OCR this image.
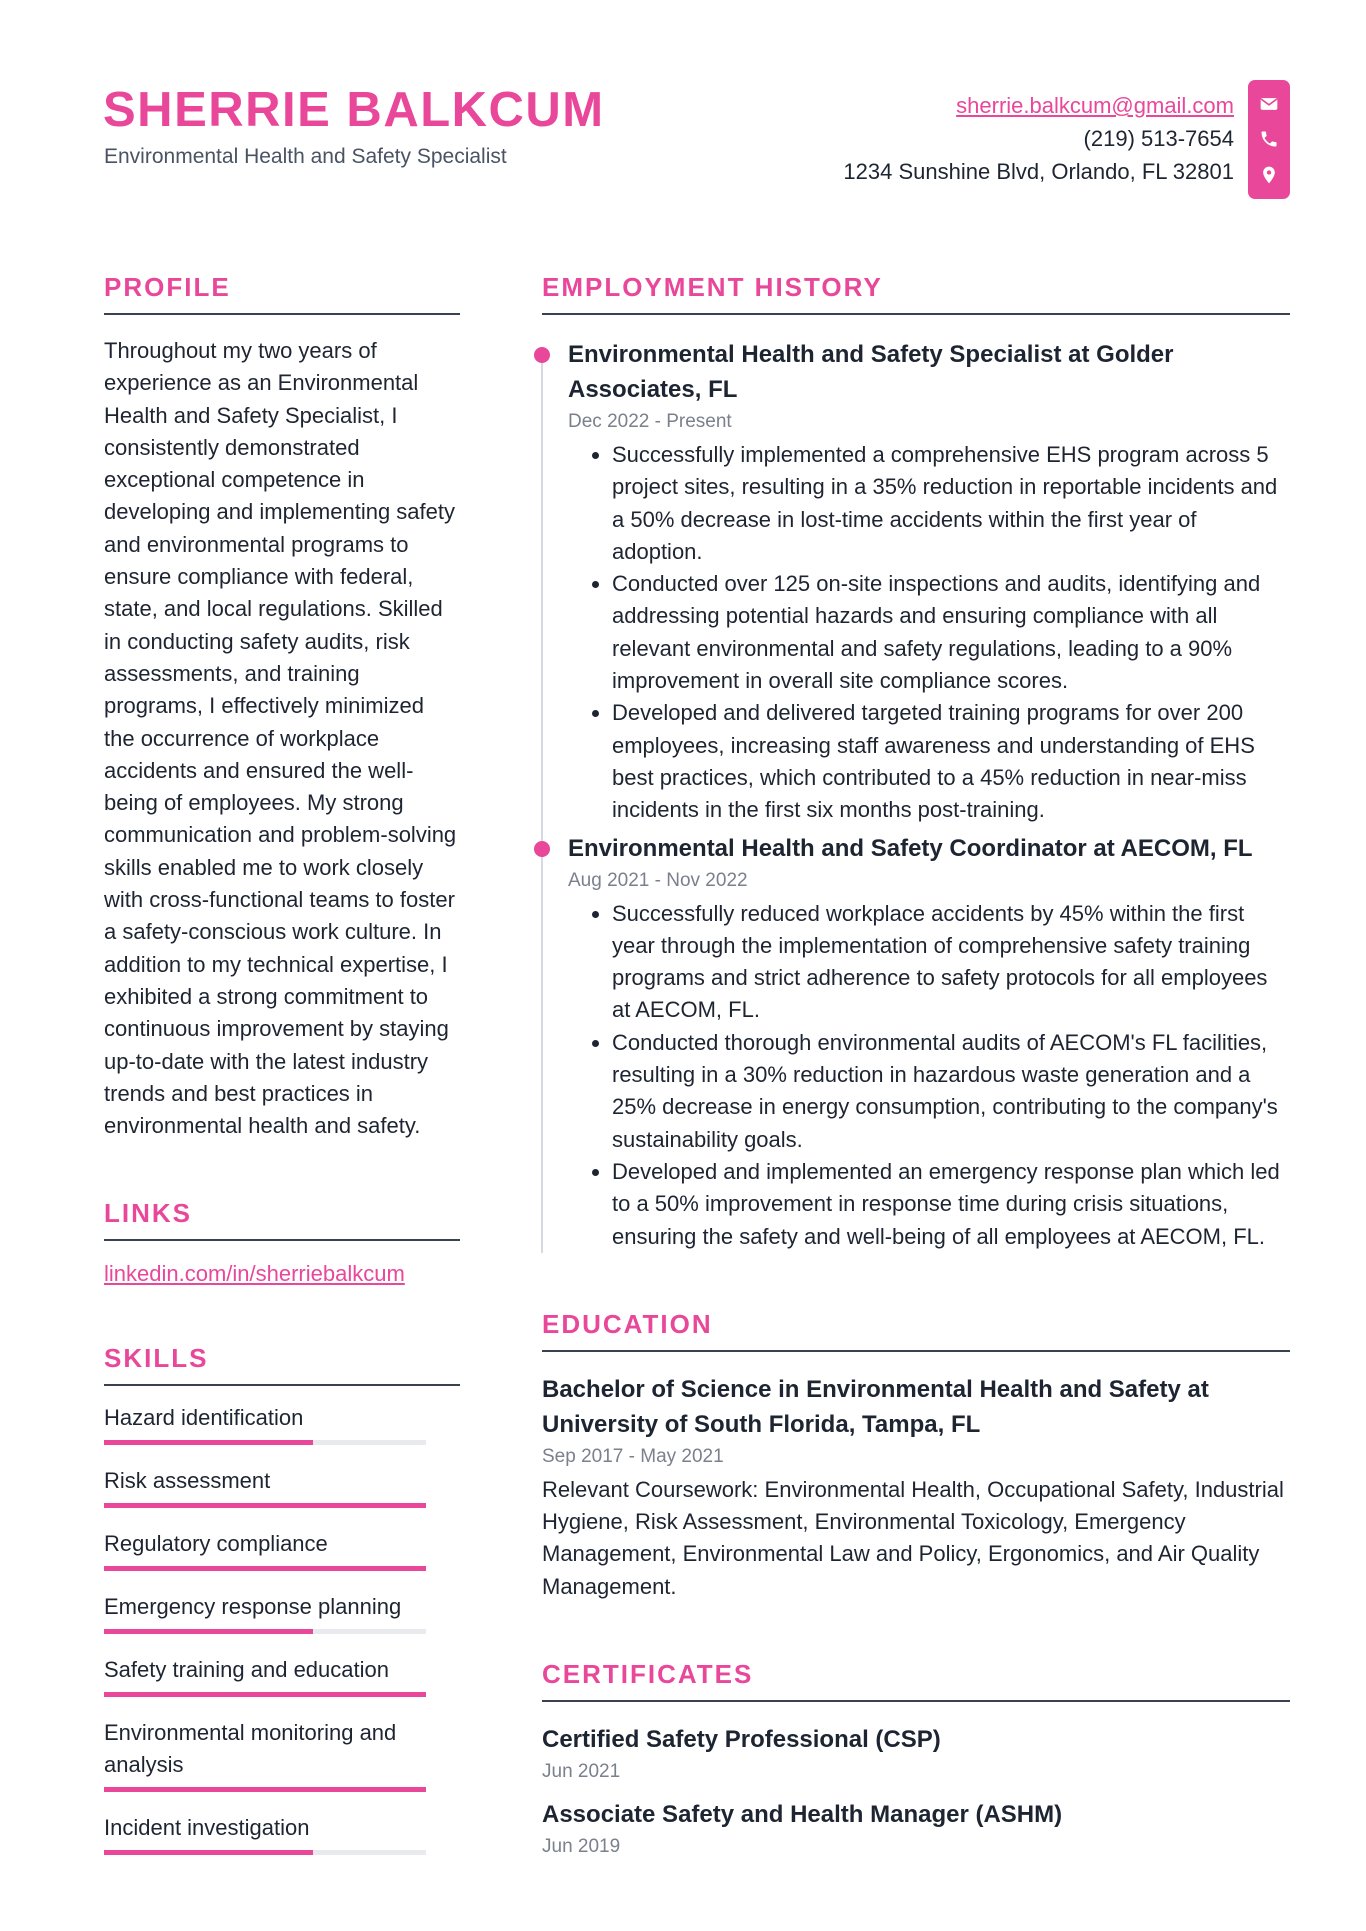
SHERRIE BALKCUM
Environmental Health and Safety Specialist
sherrie.balkcum@gmail.com
(219) 513-7654
1234 Sunshine Blvd, Orlando, FL 32801
PROFILE

Throughout my two years of experience as an Environmental Health and Safety Specialist, I consistently demonstrated exceptional competence in developing and implementing safety and environmental programs to ensure compliance with federal, state, and local regulations. Skilled in conducting safety audits, risk assessments, and training programs, I effectively minimized the occurrence of workplace accidents and ensured the well-being of employees. My strong communication and problem-solving skills enabled me to work closely with cross-functional teams to foster a safety-conscious work culture. In addition to my technical expertise, I exhibited a strong commitment to continuous improvement by staying up-to-date with the latest industry trends and best practices in environmental health and safety.

LINKS
linkedin.com/in/sherriebalkcum
SKILLS
Hazard identification
Risk assessment
Regulatory compliance
Emergency response planning
Safety training and education
Environmental monitoring and analysis
Incident investigation
EMPLOYMENT HISTORY
Environmental Health and Safety Specialist at Golder Associates, FL
Dec 2022 - Present
• Successfully implemented a comprehensive EHS program across 5 project sites, resulting in a 35% reduction in reportable incidents and a 50% decrease in lost-time accidents within the first year of adoption.
• Conducted over 125 on-site inspections and audits, identifying and addressing potential hazards and ensuring compliance with all relevant environmental and safety regulations, leading to a 90% improvement in overall site compliance scores.
• Developed and delivered targeted training programs for over 200 employees, increasing staff awareness and understanding of EHS best practices, which contributed to a 45% reduction in near-miss incidents in the first six months post-training.
Environmental Health and Safety Coordinator at AECOM, FL
Aug 2021 - Nov 2022
• Successfully reduced workplace accidents by 45% within the first year through the implementation of comprehensive safety training programs and strict adherence to safety protocols for all employees at AECOM, FL.
• Conducted thorough environmental audits of AECOM's FL facilities, resulting in a 30% reduction in hazardous waste generation and a 25% decrease in energy consumption, contributing to the company's sustainability goals.
• Developed and implemented an emergency response plan which led to a 50% improvement in response time during crisis situations, ensuring the safety and well-being of all employees at AECOM, FL.
EDUCATION
Bachelor of Science in Environmental Health and Safety at University of South Florida, Tampa, FL
Sep 2017 - May 2021

Relevant Coursework: Environmental Health, Occupational Safety, Industrial Hygiene, Risk Assessment, Environmental Toxicology, Emergency Management, Environmental Law and Policy, Ergonomics, and Air Quality Management.

CERTIFICATES
Certified Safety Professional (CSP)
Jun 2021
Associate Safety and Health Manager (ASHM)
Jun 2019
